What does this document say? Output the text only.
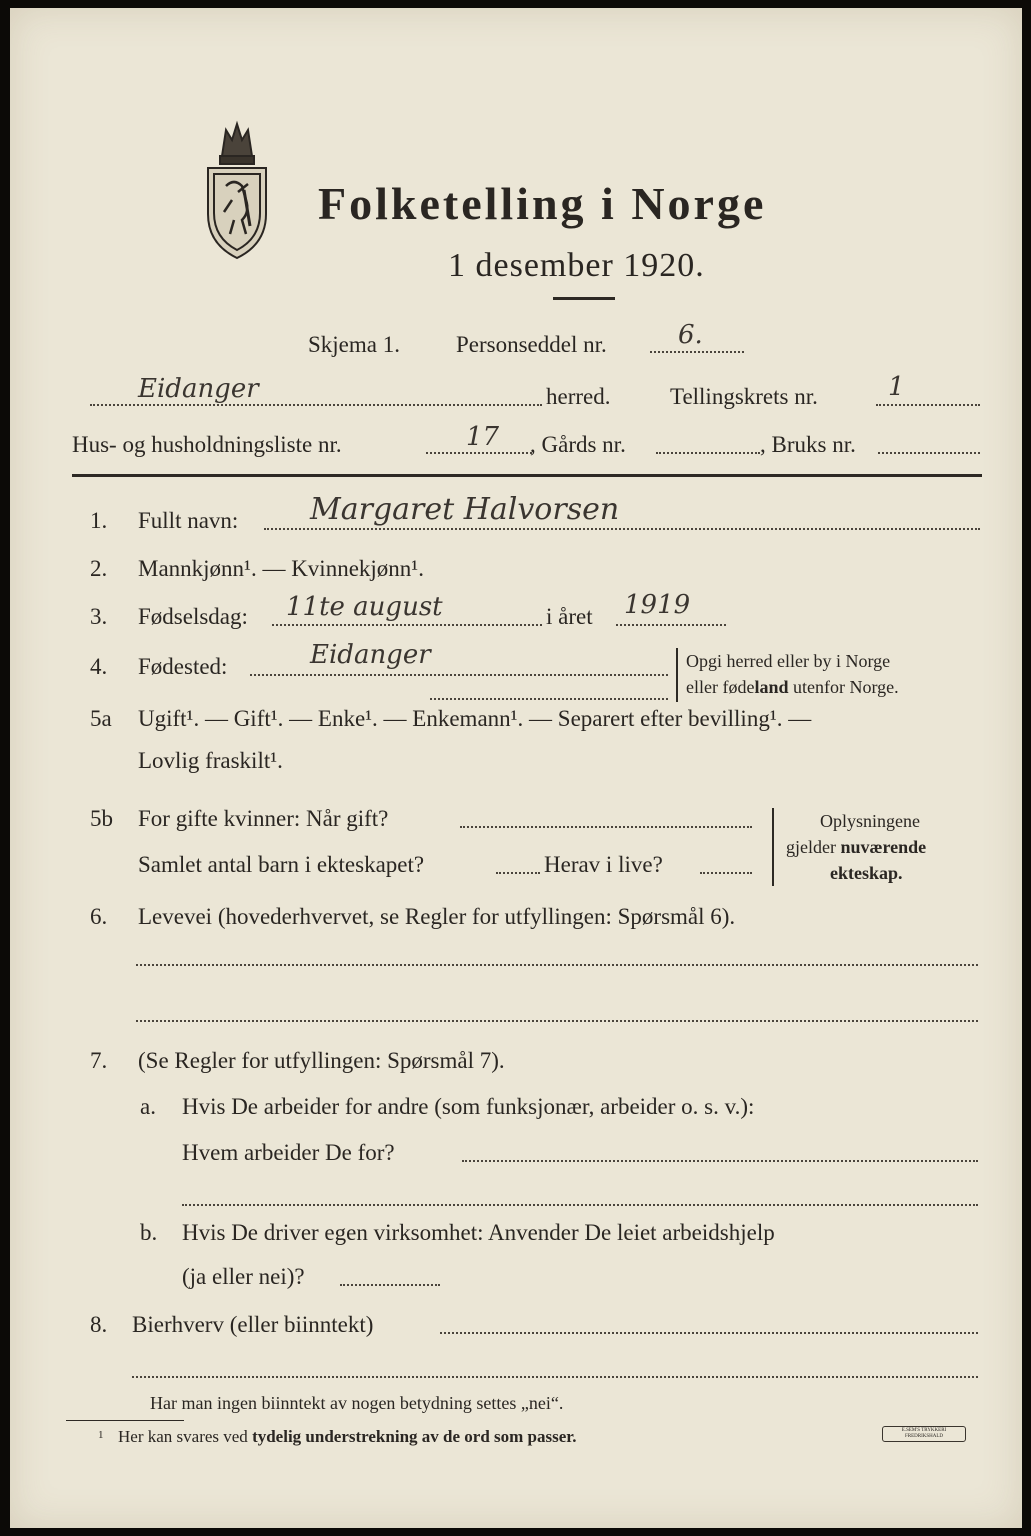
Folketelling i Norge
1 desember 1920.
Skjema 1. Personseddel nr.	6.
Eidanger	herred.	Tellingskrets nr.	1
Hus- og husholdningsliste nr.	17 , Gårds nr.	, Bruks nr.
1. Fullt navn: Margaret Halvorsen
2. Mannkjønn¹. — Kvinnekjønn¹.
3. Fødselsdag: 11te august	i året 1919
4. Fødested:	Eidanger	Opgi herred eller by i Norge
eller fødeland utenfor Norge.
5a Ugift¹. — Gift¹. — Enke¹. — Enkemann¹. — Separert efter bevilling¹. —
Lovlig fraskilt¹.
5b For gifte kvinner: Når gift?
Samlet antal barn i ekteskapet?	Herav i live?
Oplysningene
gjelder nuværende
ekteskap.
6. Levevei (hovederhvervet, se Regler for utfyllingen: Spørsmål 6).
7. (Se Regler for utfyllingen: Spørsmål 7).
a. Hvis De arbeider for andre (som funksjonær, arbeider o. s. v.):
Hvem arbeider De for?
b. Hvis De driver egen virksomhet: Anvender De leiet arbeidshjelp
(ja eller nei)?
8. Bierhverv (eller biinntekt)
Har man ingen biinntekt av nogen betydning settes „nei“.
1 Her kan svares ved tydelig understrekning av de ord som passer.	E.SEM'S TRYKKERI FREDRIKSHALD
